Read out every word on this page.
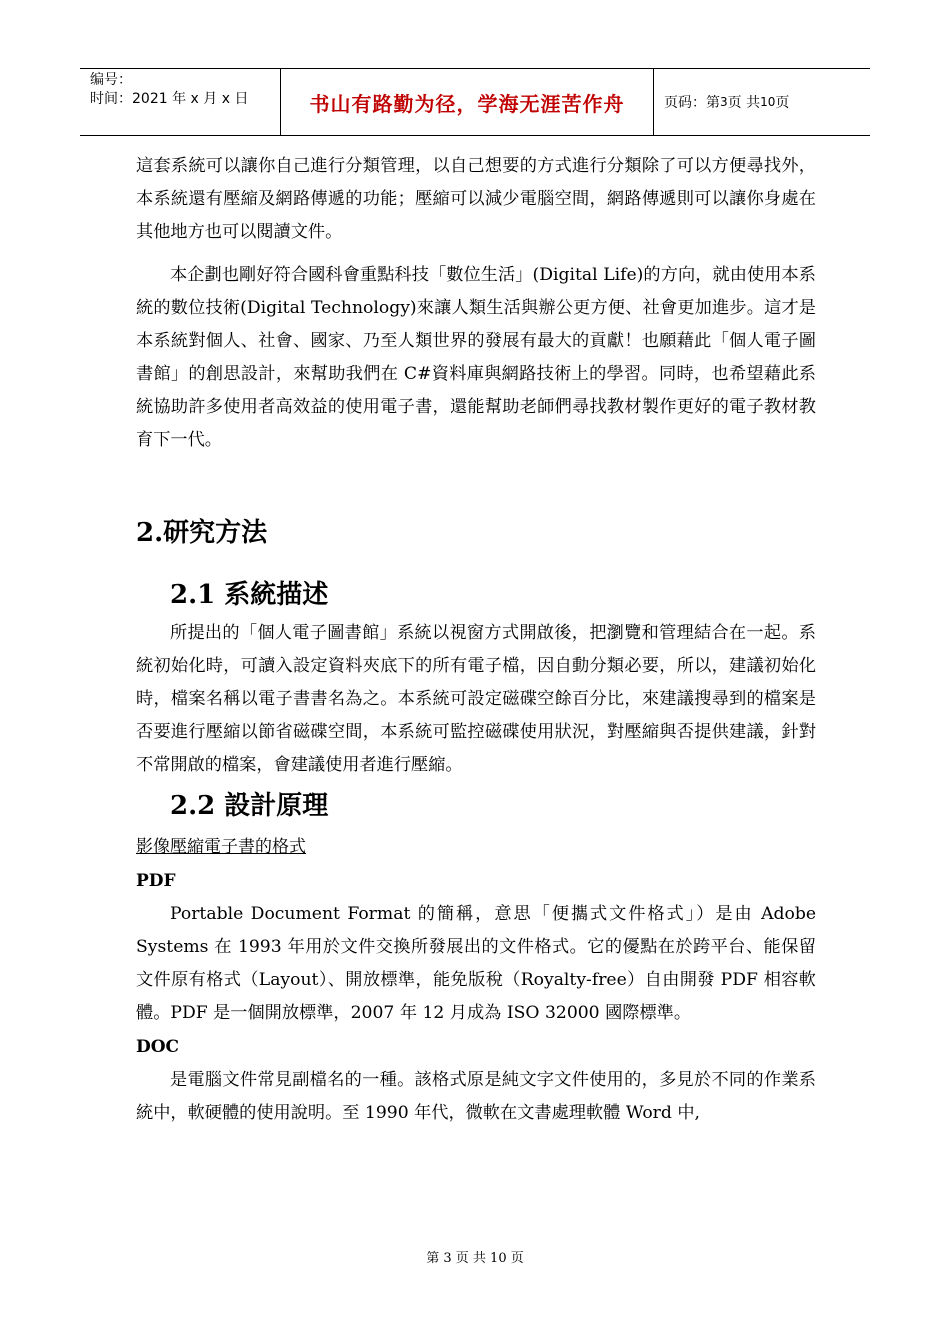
编号：
时间：2021 年 x 月 x 日	书山有路勤为径，学海无涯苦作舟	页码：第 3 页 共 10 页

這套系統可以讓你自己進行分類管理，以自己想要的方式進行分類除了可以方便尋找外，本系統還有壓縮及網路傳遞的功能；壓縮可以減少電腦空間，網路傳遞則可以讓你身處在其他地方也可以閱讀文件。

本企劃也剛好符合國科會重點科技「數位生活」(Digital Life)的方向，就由使用本系統的數位技術(Digital Technology)來讓人類生活與辦公更方便、社會更加進步。這才是本系統對個人、社會、國家、乃至人類世界的發展有最大的貢獻！也願藉此「個人電子圖書館」的創思設計，來幫助我們在 C#資料庫與網路技術上的學習。同時，也希望藉此系統協助許多使用者高效益的使用電子書，還能幫助老師們尋找教材製作更好的電子教材教育下一代。

2.研究方法
2.1 系統描述

所提出的「個人電子圖書館」系統以視窗方式開啟後，把瀏覽和管理結合在一起。系統初始化時，可讀入設定資料夾底下的所有電子檔，因自動分類必要，所以，建議初始化時，檔案名稱以電子書書名為之。本系統可設定磁碟空餘百分比，來建議搜尋到的檔案是否要進行壓縮以節省磁碟空間，本系統可監控磁碟使用狀況，對壓縮與否提供建議，針對不常開啟的檔案，會建議使用者進行壓縮。

2.2 設計原理
影像壓縮電子書的格式
PDF

Portable Document Format 的簡稱，意思「便攜式文件格式」）是由 Adobe Systems 在 1993 年用於文件交換所發展出的文件格式。它的優點在於跨平台、能保留文件原有格式（Layout）、開放標準，能免版稅（Royalty-free）自由開發 PDF 相容軟體。PDF 是一個開放標準，2007 年 12 月成為 ISO 32000 國際標準。

DOC

是電腦文件常見副檔名的一種。該格式原是純文字文件使用的，多見於不同的作業系統中，軟硬體的使用說明。至 1990 年代，微軟在文書處理軟體 Word 中,

第 3 页 共 10 页
